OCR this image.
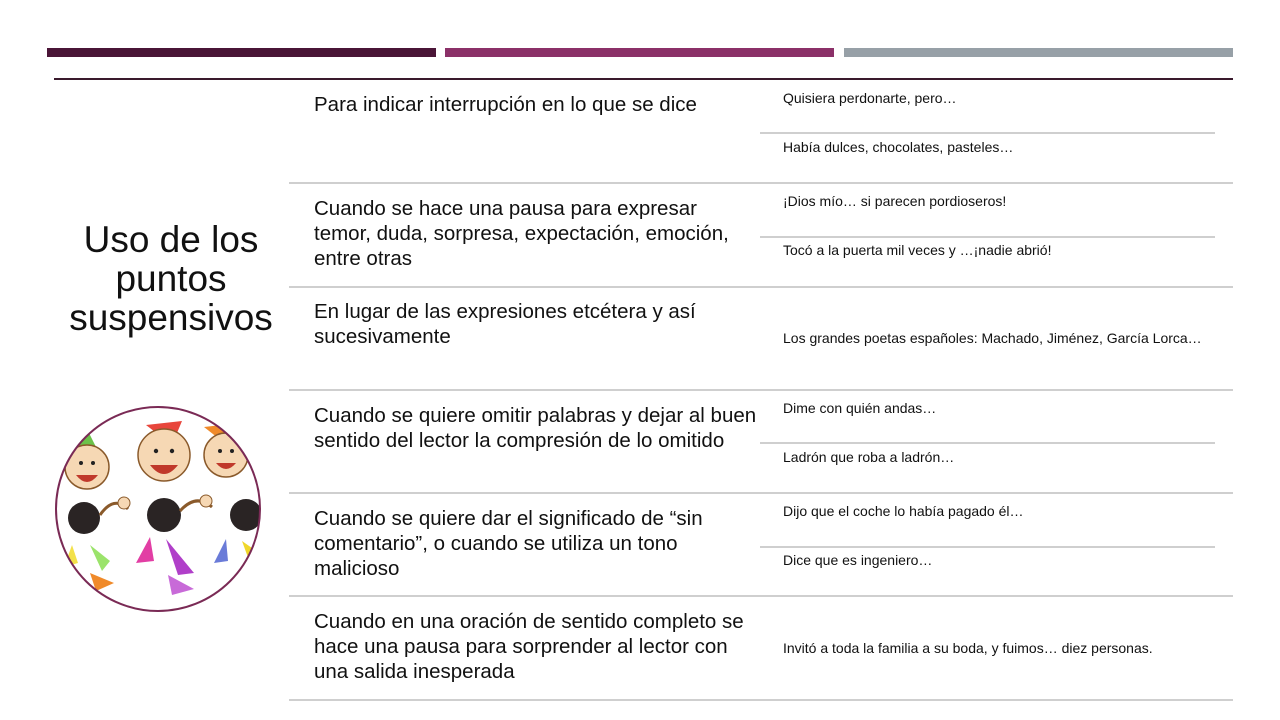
Uso de los
puntos
suspensivos
Para indicar interrupción en lo que se dice	Quisiera perdonarte, pero…
Había dulces, chocolates, pasteles…
Cuando se hace una pausa para expresar temor, duda, sorpresa, expectación, emoción, entre otras
¡Dios mío… si parecen pordioseros!
Tocó a la puerta mil veces y …¡nadie abrió!
En lugar de las expresiones etcétera y así sucesivamente	Los grandes poetas españoles: Machado, Jiménez, García Lorca…
Cuando se quiere omitir palabras y dejar al buen sentido del lector la compresión de lo omitido
Dime con quién andas…
Ladrón que roba a ladrón…
Cuando se quiere dar el significado de “sin comentario”, o cuando se utiliza un tono malicioso
Dijo que el coche lo había pagado él…
Dice que es ingeniero…
Cuando en una oración de sentido completo se hace una pausa para sorprender al lector con una salida inesperada
Invitó a toda la familia a su boda, y fuimos… diez personas.
